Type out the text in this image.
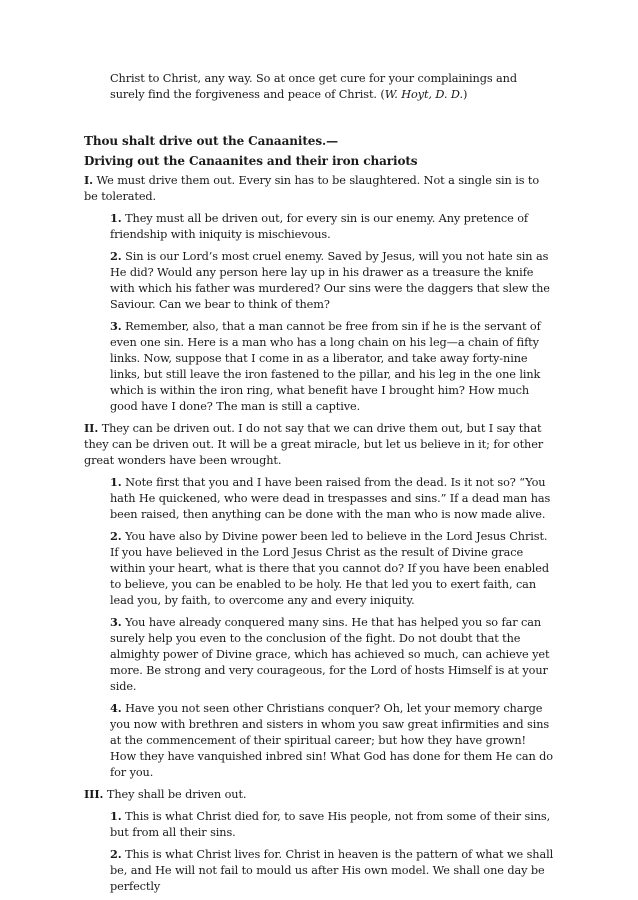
Christ to Christ, any way. So at once get cure for your complainings and surely find the forgiveness and peace of Christ. (W. Hoyt, D. D.)

Thou shalt drive out the Canaanites.—

Driving out the Canaanites and their iron chariots

I. We must drive them out. Every sin has to be slaughtered. Not a single sin is to be tolerated.

1. They must all be driven out, for every sin is our enemy. Any pretence of friendship with iniquity is mischievous.

2. Sin is our Lord’s most cruel enemy. Saved by Jesus, will you not hate sin as He did? Would any person here lay up in his drawer as a treasure the knife with which his father was murdered? Our sins were the daggers that slew the Saviour. Can we bear to think of them?

3. Remember, also, that a man cannot be free from sin if he is the servant of even one sin. Here is a man who has a long chain on his leg—a chain of fifty links. Now, suppose that I come in as a liberator, and take away forty-nine links, but still leave the iron fastened to the pillar, and his leg in the one link which is within the iron ring, what benefit have I brought him? How much good have I done? The man is still a captive.

II. They can be driven out. I do not say that we can drive them out, but I say that they can be driven out. It will be a great miracle, but let us believe in it; for other great wonders have been wrought.

1. Note first that you and I have been raised from the dead. Is it not so? “You hath He quickened, who were dead in trespasses and sins.” If a dead man has been raised, then anything can be done with the man who is now made alive.

2. You have also by Divine power been led to believe in the Lord Jesus Christ. If you have believed in the Lord Jesus Christ as the result of Divine grace within your heart, what is there that you cannot do? If you have been enabled to believe, you can be enabled to be holy. He that led you to exert faith, can lead you, by faith, to overcome any and every iniquity.

3. You have already conquered many sins. He that has helped you so far can surely help you even to the conclusion of the fight. Do not doubt that the almighty power of Divine grace, which has achieved so much, can achieve yet more. Be strong and very courageous, for the Lord of hosts Himself is at your side.

4. Have you not seen other Christians conquer? Oh, let your memory charge you now with brethren and sisters in whom you saw great infirmities and sins at the commencement of their spiritual career; but how they have grown! How they have vanquished inbred sin! What God has done for them He can do for you.

III. They shall be driven out.

1. This is what Christ died for, to save His people, not from some of their sins, but from all their sins.

2. This is what Christ lives for. Christ in heaven is the pattern of what we shall be, and He will not fail to mould us after His own model. We shall one day be perfectly
